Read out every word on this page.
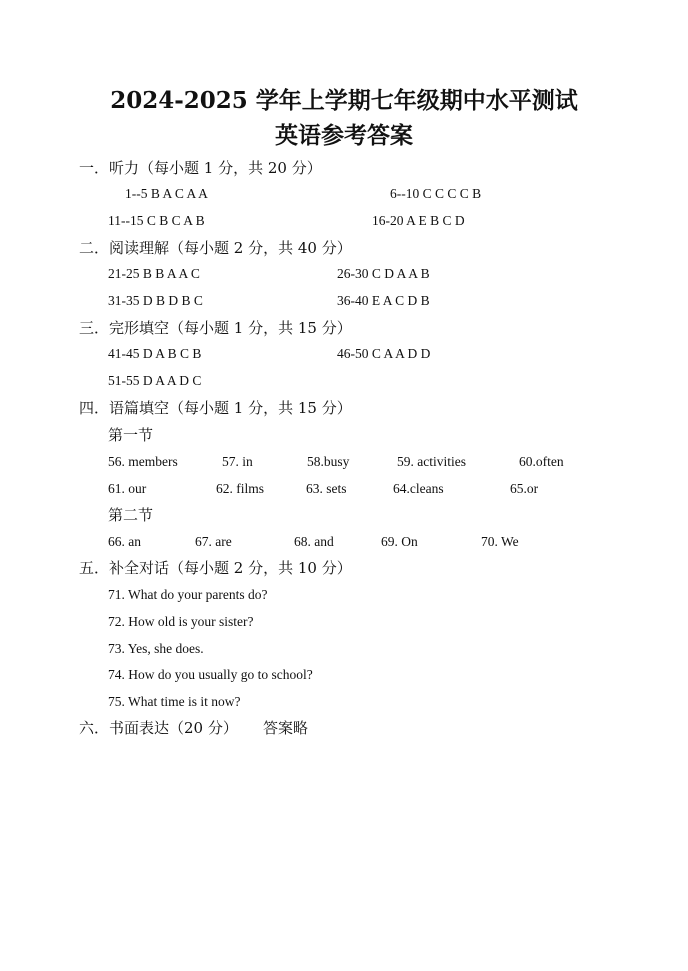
2024-2025 学年上学期七年级期中水平测试
英语参考答案
一．听力（每小题 1 分，共 20 分）
1--5 B A C A A	6--10 C C C C B
11--15 C B C A B	16-20 A E B C D
二．阅读理解（每小题 2 分，共 40 分）
21-25 B B A A C	26-30 C D A A B
31-35 D B D B C	36-40 E A C D B
三．完形填空（每小题 1 分，共 15 分）
41-45 D A B C B	46-50 C A A D D
51-55 D A A D C
四．语篇填空（每小题 1 分，共 15 分）
第一节
56. members	57. in	58.busy	59. activities	60.often
61. our	62. films	63. sets	64.cleans	65.or
第二节
66. an	67. are	68. and	69. On	70. We
五．补全对话（每小题 2 分，共 10 分）
71. What do your parents do?
72. How old is your sister?
73. Yes, she does.
74. How do you usually go to school?
75. What time is it now?
六．书面表达（20 分） 答案略
